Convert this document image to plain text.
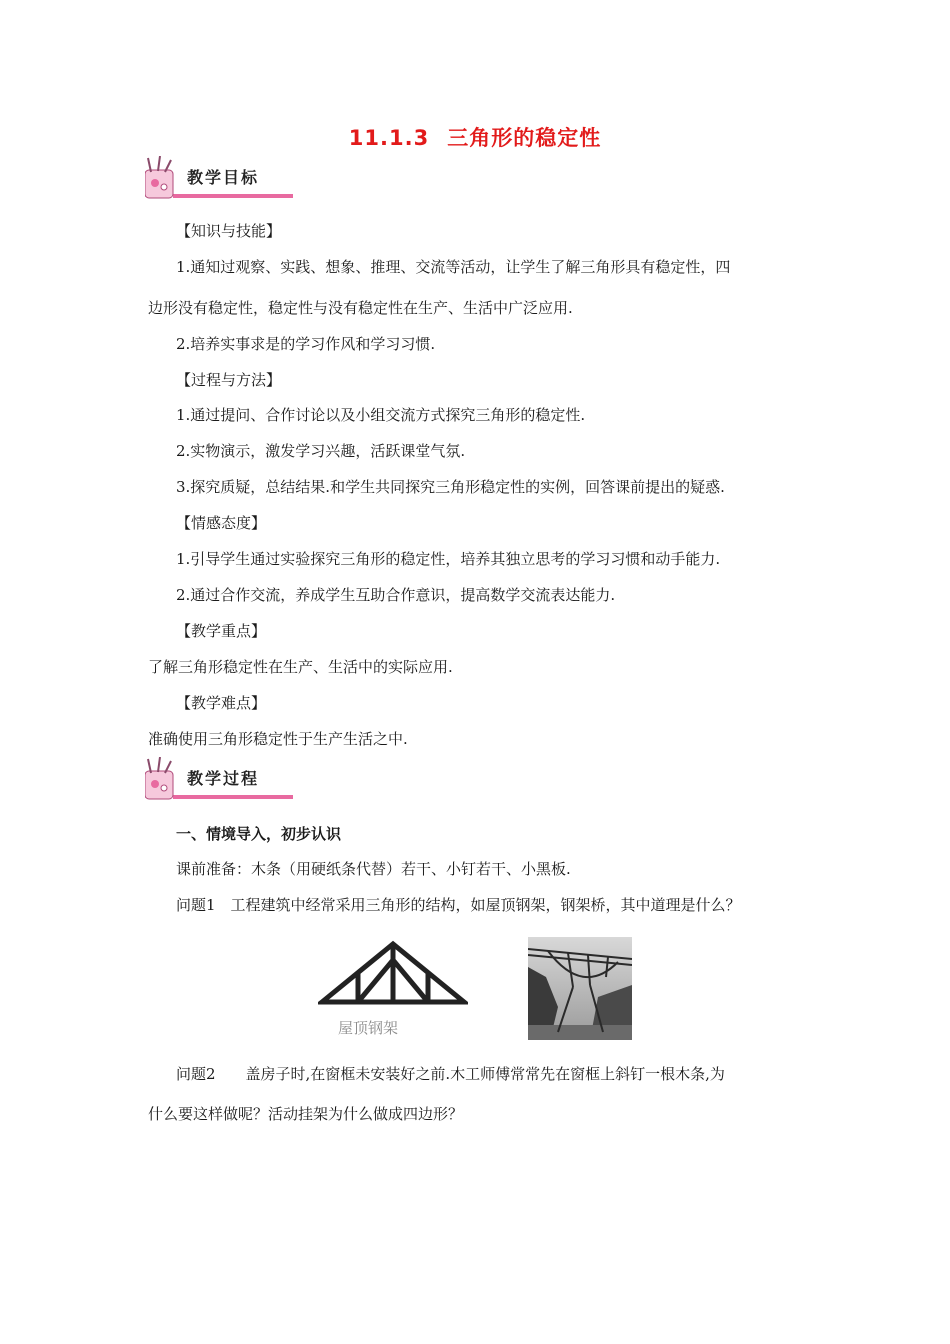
11.1.3 三角形的稳定性
教学目标
【知识与技能】
1.通知过观察、实践、想象、推理、交流等活动，让学生了解三角形具有稳定性，四
边形没有稳定性，稳定性与没有稳定性在生产、生活中广泛应用.
2.培养实事求是的学习作风和学习习惯.
【过程与方法】
1.通过提问、合作讨论以及小组交流方式探究三角形的稳定性.
2.实物演示，激发学习兴趣，活跃课堂气氛.
3.探究质疑，总结结果.和学生共同探究三角形稳定性的实例，回答课前提出的疑惑.
【情感态度】
1.引导学生通过实验探究三角形的稳定性，培养其独立思考的学习习惯和动手能力.
2.通过合作交流，养成学生互助合作意识，提高数学交流表达能力.
【教学重点】
了解三角形稳定性在生产、生活中的实际应用.
【教学难点】
准确使用三角形稳定性于生产生活之中.
教学过程
一、情境导入，初步认识
课前准备：木条（用硬纸条代替）若干、小钉若干、小黑板.
问题1　工程建筑中经常采用三角形的结构，如屋顶钢架，钢架桥，其中道理是什么？
屋顶钢架
问题2　　盖房子时,在窗框未安装好之前.木工师傅常常先在窗框上斜钉一根木条,为
什么要这样做呢？活动挂架为什么做成四边形？
